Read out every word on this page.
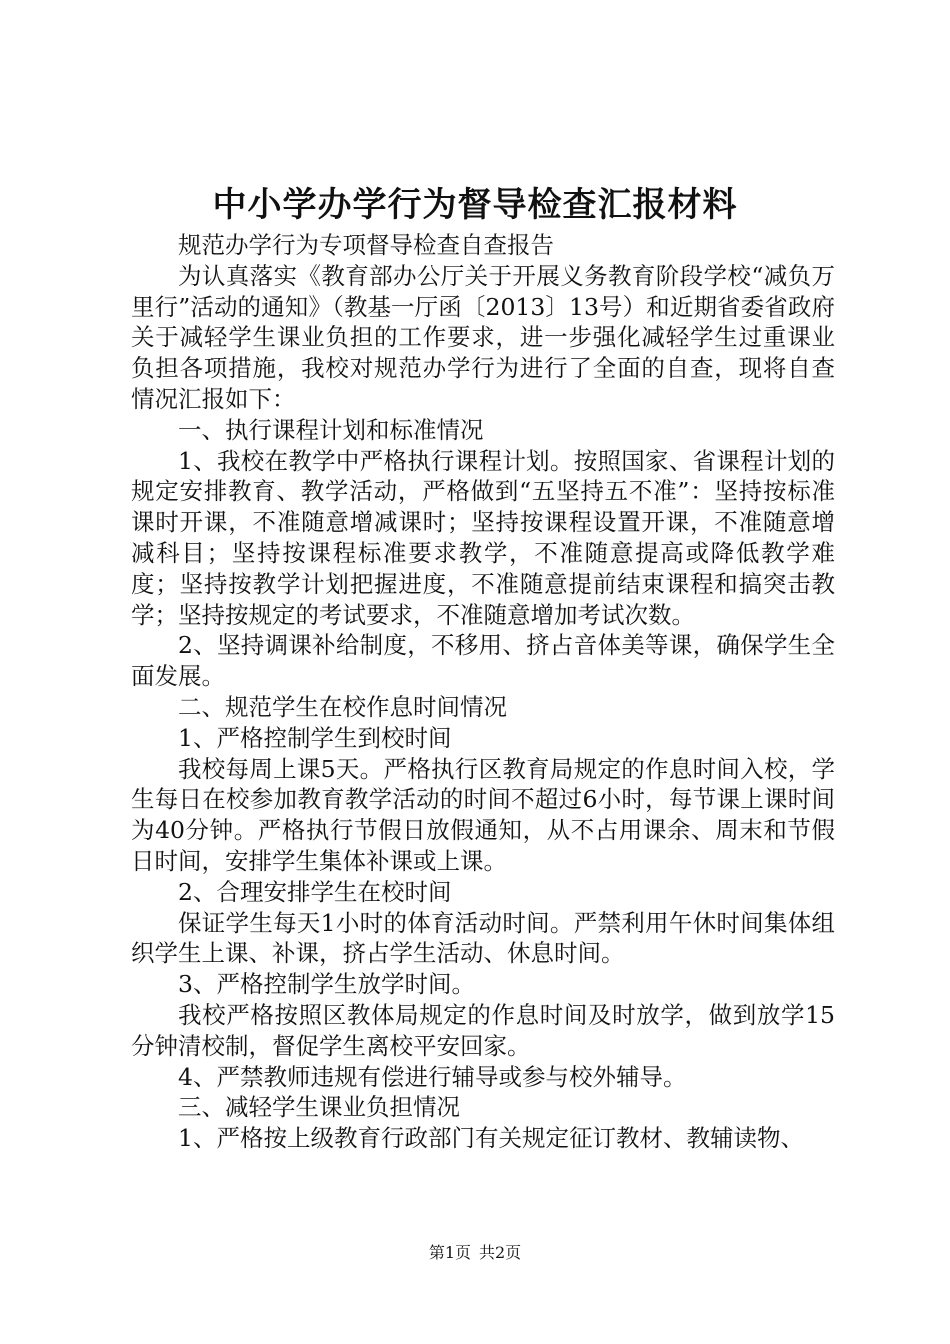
中小学办学行为督导检查汇报材料

规范办学行为专项督导检查自查报告

为认真落实《教育部办公厅关于开展义务教育阶段学校“减负万里行”活动的通知》（教基一厅函〔2013〕13号）和近期省委省政府关于减轻学生课业负担的工作要求，进一步强化减轻学生过重课业负担各项措施，我校对规范办学行为进行了全面的自查，现将自查情况汇报如下：

一、执行课程计划和标准情况

1、我校在教学中严格执行课程计划。按照国家、省课程计划的规定安排教育、教学活动，严格做到“五坚持五不准”：坚持按标准课时开课，不准随意增减课时；坚持按课程设置开课，不准随意增减科目；坚持按课程标准要求教学，不准随意提高或降低教学难度；坚持按教学计划把握进度，不准随意提前结束课程和搞突击教学；坚持按规定的考试要求，不准随意增加考试次数。

2、坚持调课补给制度，不移用、挤占音体美等课，确保学生全面发展。

二、规范学生在校作息时间情况

1、严格控制学生到校时间

我校每周上课5天。严格执行区教育局规定的作息时间入校，学生每日在校参加教育教学活动的时间不超过6小时，每节课上课时间为40分钟。严格执行节假日放假通知，从不占用课余、周末和节假日时间，安排学生集体补课或上课。

2、合理安排学生在校时间

保证学生每天1小时的体育活动时间。严禁利用午休时间集体组织学生上课、补课，挤占学生活动、休息时间。

3、严格控制学生放学时间。

我校严格按照区教体局规定的作息时间及时放学，做到放学15分钟清校制，督促学生离校平安回家。

4、严禁教师违规有偿进行辅导或参与校外辅导。

三、减轻学生课业负担情况

1、严格按上级教育行政部门有关规定征订教材、教辅读物、

第1页 共2页
